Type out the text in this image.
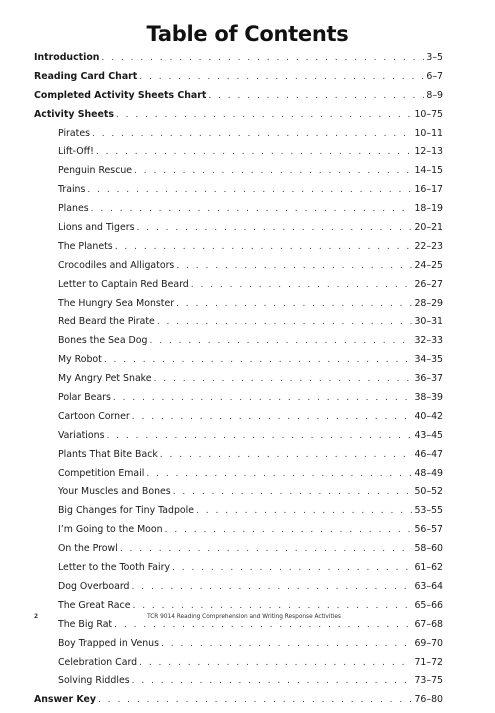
Table of Contents
Introduction . . .	3–5
Reading Card Chart . . .	6–7
Completed Activity Sheets Chart . . .	8–9
Activity Sheets . . .	10–75
Pirates . . .	10–11
Lift-Off! . . .	12–13
Penguin Rescue . . .	14–15
Trains . . .	16–17
Planes . . .	18–19
Lions and Tigers . . .	20–21
The Planets . . .	22–23
Crocodiles and Alligators . . .	24–25
Letter to Captain Red Beard . . .	26–27
The Hungry Sea Monster . . .	28–29
Red Beard the Pirate . . .	30–31
Bones the Sea Dog . . .	32–33
My Robot . . .	34–35
My Angry Pet Snake . . .	36–37
Polar Bears . . .	38–39
Cartoon Corner . . .	40–42
Variations . . .	43–45
Plants That Bite Back . . .	46–47
Competition Email . . .	48–49
Your Muscles and Bones . . .	50–52
Big Changes for Tiny Tadpole . . .	53–55
I’m Going to the Moon . . .	56–57
On the Prowl . . .	58–60
Letter to the Tooth Fairy . . .	61–62
Dog Overboard . . .	63–64
The Great Race . . .	65–66
The Big Rat . . .	67–68
Boy Trapped in Venus . . .	69–70
Celebration Card . . .	71–72
Solving Riddles . . .	73–75
Answer Key . . .	76–80
2	TCR 9014 Reading Comprehension and Writing Response Activities
